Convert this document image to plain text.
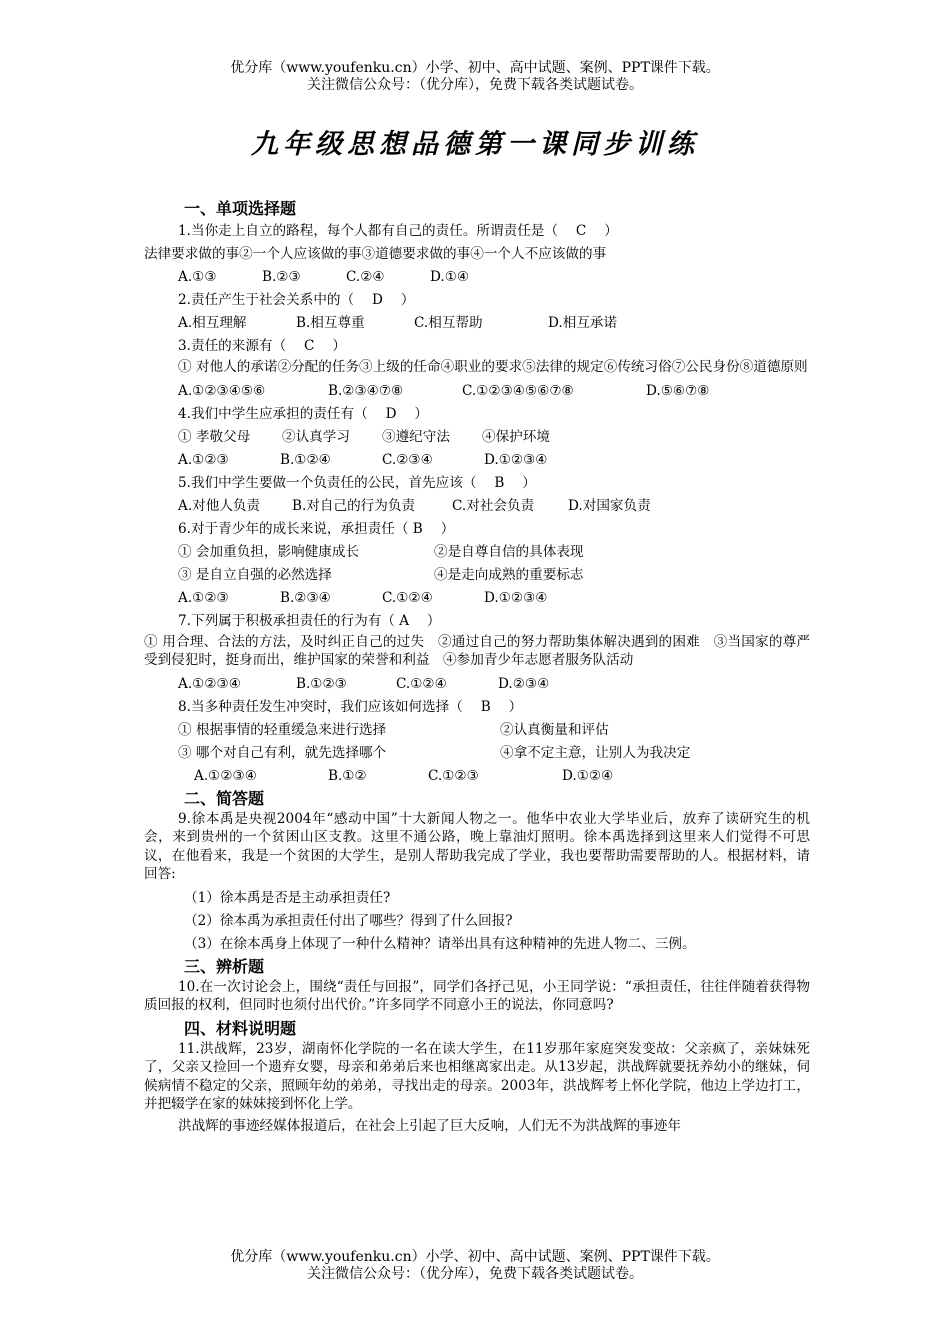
优分库（www.youfenku.cn）小学、初中、高中试题、案例、PPT课件下载。
关注微信公众号：（优分库），免费下载各类试题试卷。
九年级思想品德第一课同步训练
一、单项选择题
1.当你走上自立的路程，每个人都有自己的责任。所谓责任是（　 C　 ）
法律要求做的事②一个人应该做的事③道德要求做的事④一个人不应该做的事
A.①③	B.②③	C.②④	D.①④
2.责任产生于社会关系中的（　 D　 ）
A.相互理解	B.相互尊重	C.相互帮助	D.相互承诺
3.责任的来源有（　 C　 ）
① 对他人的承诺②分配的任务③上级的任命④职业的要求⑤法律的规定⑥传统习俗⑦公民身份⑧道德原则
A.①②③④⑤⑥	B.②③④⑦⑧	C.①②③④⑤⑥⑦⑧	D.⑤⑥⑦⑧
4.我们中学生应承担的责任有（　 D　 ）
① 孝敬父母 ②认真学习 ③遵纪守法 ④保护环境
A.①②③	B.①②④	C.②③④	D.①②③④
5.我们中学生要做一个负责任的公民，首先应该（　 B　 ）
A.对他人负责 B.对自己的行为负责	C.对社会负责 D.对国家负责
6.对于青少年的成长来说，承担责任（ B　 ）
① 会加重负担，影响健康成长	②是自尊自信的具体表现
③ 是自立自强的必然选择	④是走向成熟的重要标志
A.①②③	B.②③④	C.①②④	D.①②③④
7.下列属于积极承担责任的行为有（ A　 ）
① 用合理、合法的方法，及时纠正自己的过失　②通过自己的努力帮助集体解决遇到的困难　③当国家的尊严受到侵犯时，挺身而出，维护国家的荣誉和利益　④参加青少年志愿者服务队活动
A.①②③④	B.①②③	C.①②④	D.②③④
8.当多种责任发生冲突时，我们应该如何选择（　 B　 ）
① 根据事情的轻重缓急来进行选择	②认真衡量和评估
③ 哪个对自己有利，就先选择哪个	④拿不定主意，让别人为我决定
A.①②③④	B.①②	C.①②③	D.①②④
二、简答题
9.徐本禹是央视2004年“感动中国”十大新闻人物之一。他华中农业大学毕业后，放弃了读研究生的机会，来到贵州的一个贫困山区支教。这里不通公路，晚上靠油灯照明。徐本禹选择到这里来人们觉得不可思议，在他看来，我是一个贫困的大学生，是别人帮助我完成了学业，我也要帮助需要帮助的人。根据材料，请回答:
（1）徐本禹是否是主动承担责任?
（2）徐本禹为承担责任付出了哪些？得到了什么回报?
（3）在徐本禹身上体现了一种什么精神？请举出具有这种精神的先进人物二、三例。
三、辨析题
10.在一次讨论会上，围绕“责任与回报”，同学们各抒己见，小王同学说：“承担责任，往往伴随着获得物质回报的权利，但同时也须付出代价。”许多同学不同意小王的说法，你同意吗?
四、材料说明题
11.洪战辉，23岁，湖南怀化学院的一名在读大学生，在11岁那年家庭突发变故：父亲疯了，亲妹妹死了，父亲又捡回一个遗弃女婴，母亲和弟弟后来也相继离家出走。从13岁起，洪战辉就要抚养幼小的继妹，伺候病情不稳定的父亲，照顾年幼的弟弟，寻找出走的母亲。2003年，洪战辉考上怀化学院，他边上学边打工，并把辍学在家的妹妹接到怀化上学。
洪战辉的事迹经媒体报道后，在社会上引起了巨大反响，人们无不为洪战辉的事迹年
优分库（www.youfenku.cn）小学、初中、高中试题、案例、PPT课件下载。
关注微信公众号：（优分库），免费下载各类试题试卷。
